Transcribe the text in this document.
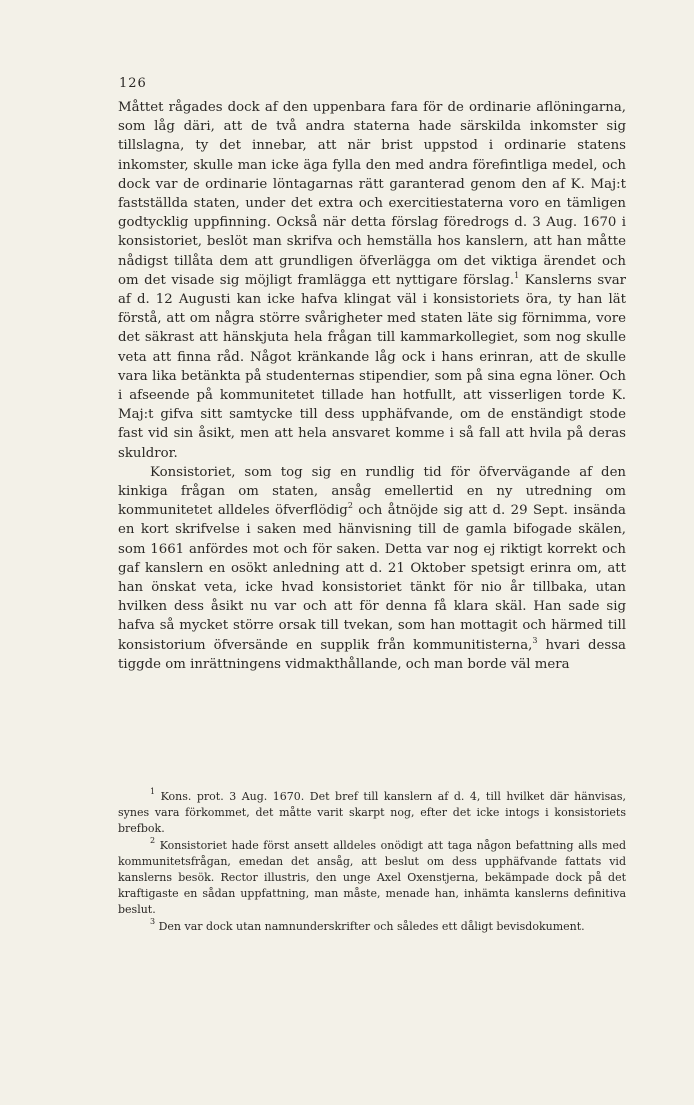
126

Måttet rågades dock af den uppenbara fara för de ordinarie aflöningarna, som låg däri, att de två andra staterna hade särskilda inkomster sig tillslagna, ty det innebar, att när brist uppstod i ordinarie statens inkomster, skulle man icke äga fylla den med andra förefintliga medel, och dock var de ordinarie löntagarnas rätt garanterad genom den af K. Maj:t fastställda staten, under det extra och exercitiestaterna voro en tämligen godtycklig uppfinning. Också när detta förslag föredrogs d. 3 Aug. 1670 i konsistoriet, beslöt man skrifva och hemställa hos kanslern, att han måtte nådigst tillåta dem att grundligen öfverlägga om det viktiga ärendet och om det visade sig möjligt framlägga ett nyttigare förslag.$^1$ Kanslerns svar af d. 12 Augusti kan icke hafva klingat väl i konsistoriets öra, ty han lät förstå, att om några större svårigheter med staten läte sig förnimma, vore det säkrast att hänskjuta hela frågan till kammarkollegiet, som nog skulle veta att finna råd. Något kränkande låg ock i hans erinran, att de skulle vara lika betänkta på studenternas stipendier, som på sina egna löner. Och i afseende på kommunitetet tillade han hotfullt, att visserligen torde K. Maj:t gifva sitt samtycke till dess upphäfvande, om de enständigt stode fast vid sin åsikt, men att hela ansvaret komme i så fall att hvila på deras skuldror.

Konsistoriet, som tog sig en rundlig tid för öfvervägande af den kinkiga frågan om staten, ansåg emellertid en ny utredning om kommunitetet alldeles öfverflödig$^2$ och åtnöjde sig att d. 29 Sept. insända en kort skrifvelse i saken med hänvisning till de gamla bifogade skälen, som 1661 anfördes mot och för saken. Detta var nog ej riktigt korrekt och gaf kanslern en osökt anledning att d. 21 Oktober spetsigt erinra om, att han önskat veta, icke hvad konsistoriet tänkt för nio år tillbaka, utan hvilken dess åsikt nu var och att för denna få klara skäl. Han sade sig hafva så mycket större orsak till tvekan, som han mottagit och härmed till konsistorium öfversände en supplik från kommunitisterna,$^3$ hvari dessa tiggde om inrättningens vidmakthållande, och man borde väl mera

$^1$ Kons. prot. 3 Aug. 1670. Det bref till kanslern af d. 4, till hvilket där hänvisas, synes vara förkommet, det måtte varit skarpt nog, efter det icke intogs i konsistoriets brefbok.

$^2$ Konsistoriet hade först ansett alldeles onödigt att taga någon befattning alls med kommunitetsfrågan, emedan det ansåg, att beslut om dess upphäfvande fattats vid kanslerns besök. Rector illustris, den unge Axel Oxenstjerna, bekämpade dock på det kraftigaste en sådan uppfattning, man måste, menade han, inhämta kanslerns definitiva beslut.

$^3$ Den var dock utan namnunderskrifter och således ett dåligt bevisdokument.
